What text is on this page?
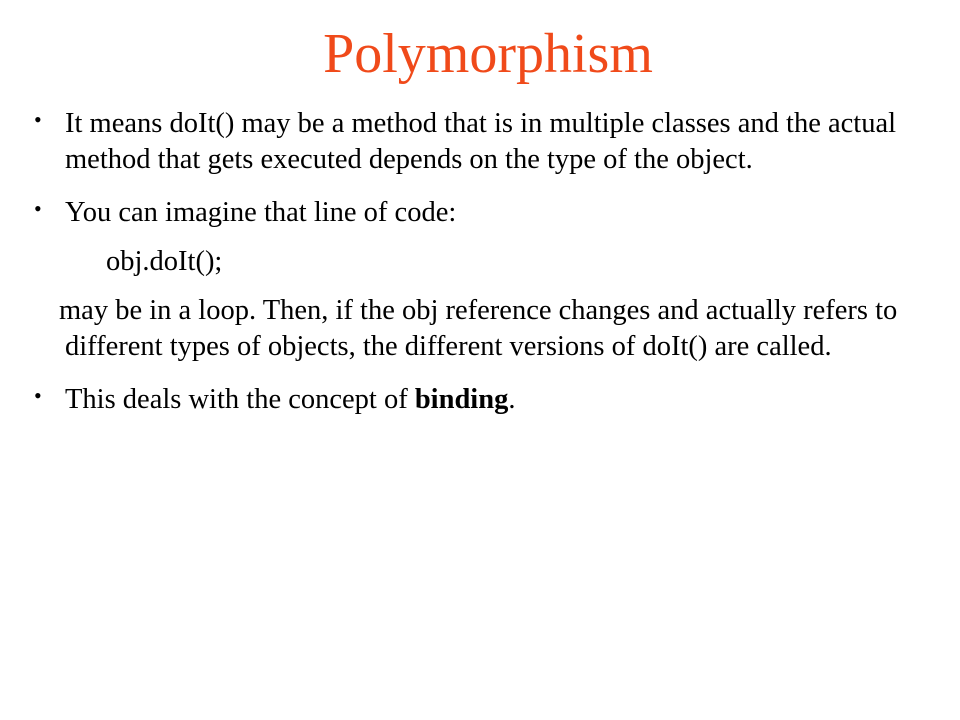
Polymorphism
• It means doIt() may be a method that is in multiple classes and the actual method that gets executed depends on the type of the object.
• You can imagine that line of code:
obj.doIt();
may be in a loop. Then, if the obj reference changes and actually refers to different types of objects, the different versions of doIt() are called.
• This deals with the concept of binding.
